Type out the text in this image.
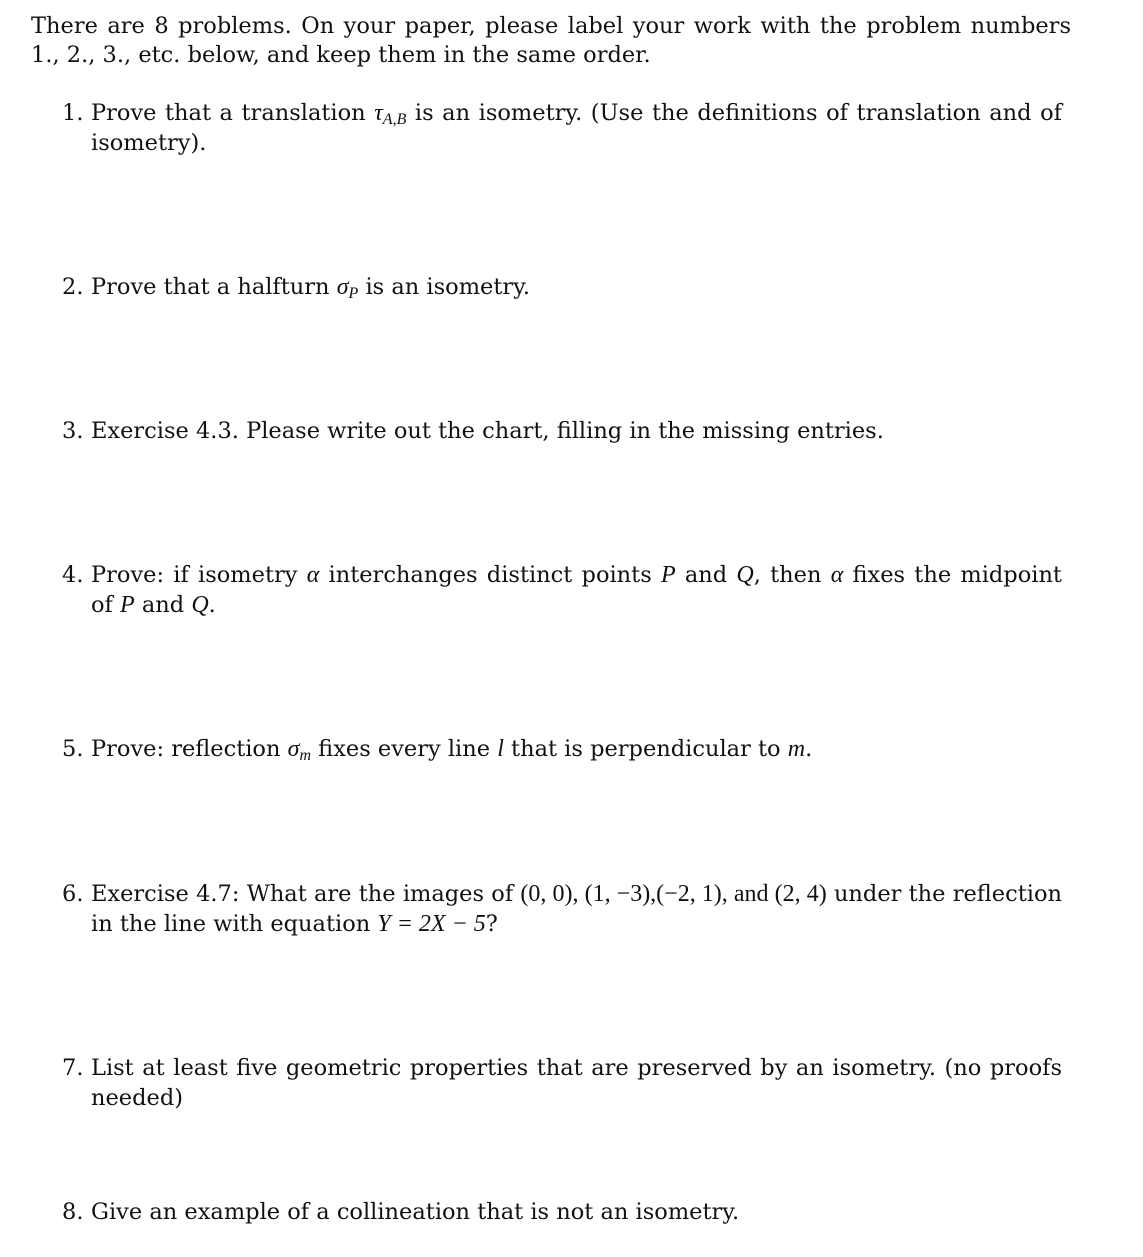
There are 8 problems. On your paper, please label your work with the problem numbers 1., 2., 3., etc. below, and keep them in the same order.
1. Prove that a translation $\tau_{A,B}$ is an isometry. (Use the definitions of translation and of isometry).
2. Prove that a halfturn $\sigma_P$ is an isometry.
3. Exercise 4.3. Please write out the chart, filling in the missing entries.
4. Prove: if isometry α interchanges distinct points P and Q, then α fixes the midpoint of P and Q.
5. Prove: reflection $\sigma_m$ fixes every line l that is perpendicular to m.
6. Exercise 4.7: What are the images of (0, 0), (1, −3),(−2, 1), and (2, 4) under the reflection in the line with equation Y = 2X − 5?
7. List at least five geometric properties that are preserved by an isometry. (no proofs needed)
8. Give an example of a collineation that is not an isometry.
